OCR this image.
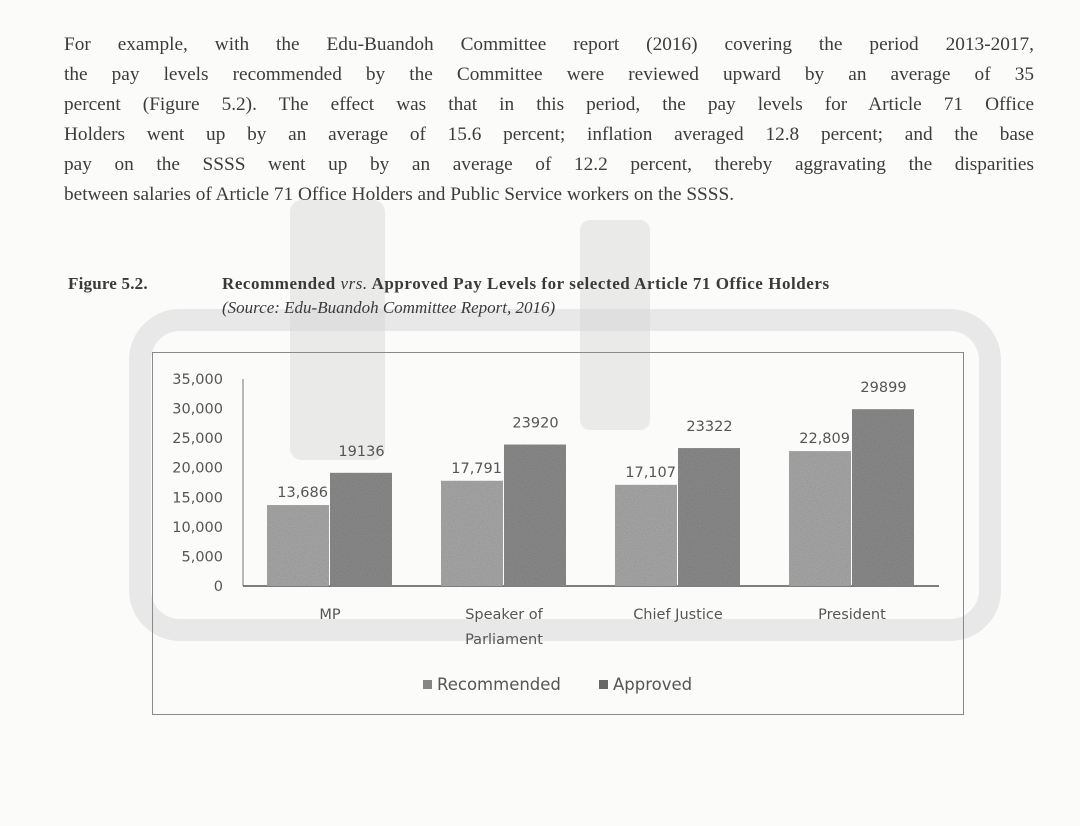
For example, with the Edu-Buandoh Committee report (2016) covering the period 2013-2017,
the pay levels recommended by the Committee were reviewed upward by an average of 35
percent (Figure 5.2). The effect was that in this period, the pay levels for Article 71 Office
Holders went up by an average of 15.6 percent; inflation averaged 12.8 percent; and the base
pay on the SSSS went up by an average of 12.2 percent, thereby aggravating the disparities
between salaries of Article 71 Office Holders and Public Service workers on the SSSS.
Figure 5.2.	Recommended vrs. Approved Pay Levels for selected Article 71 Office Holders
(Source: Edu-Buandoh Committee Report, 2016)
0
5,000
10,000
15,000
20,000
25,000
30,000
35,000
13,686
19136
MP
17,791
23920
Speaker of
Parliament
17,107
23322
Chief Justice
22,809
29899
President
Recommended	Approved
